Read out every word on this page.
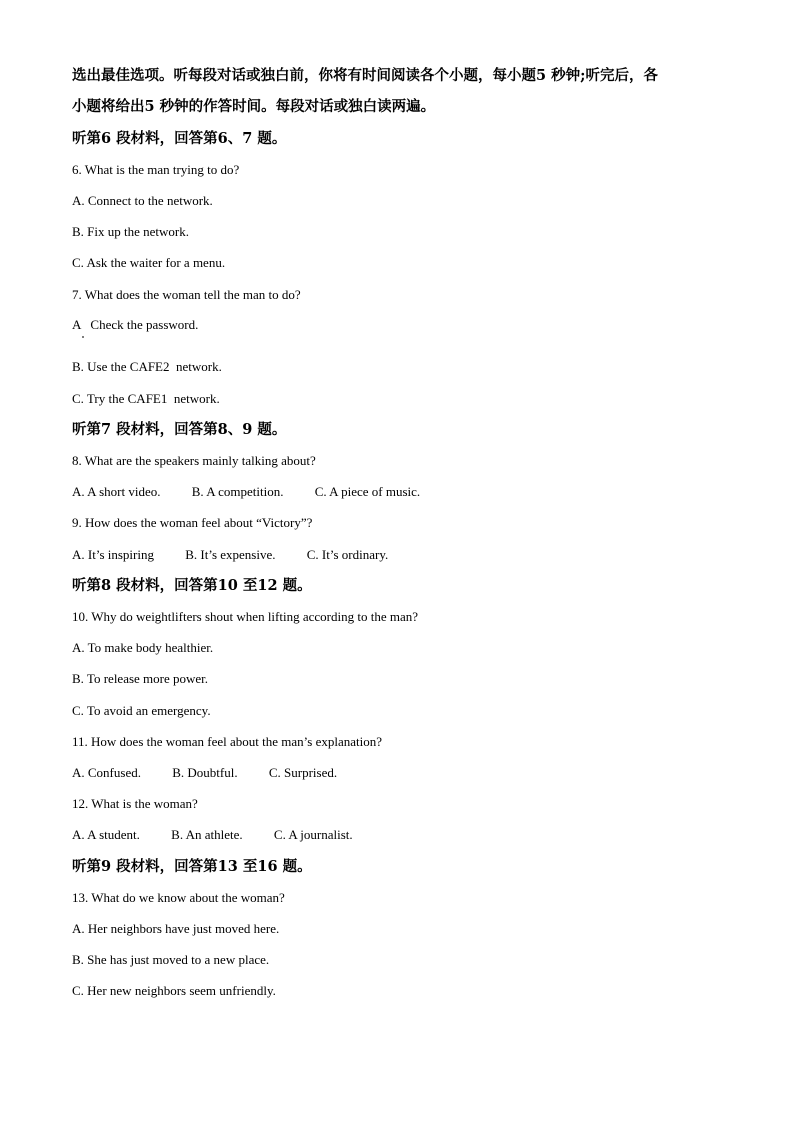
选出最佳选项。听每段对话或独白前，你将有时间阅读各个小题，每小题5 秒钟;听完后，各
小题将给出5 秒钟的作答时间。每段对话或独白读两遍。
听第6 段材料，回答第6、7 题。
6. What is the man trying to do?
A. Connect to the network.
B. Fix up the network.
C. Ask the waiter for a menu.
7. What does the woman tell the man to do?
A   Check the password.
B. Use the CAFE2  network.
C. Try the CAFE1  network.
听第7 段材料，回答第8、9 题。
8. What are the speakers mainly talking about?
A. A short video. B. A competition. C. A piece of music.
9. How does the woman feel about “Victory”?
A. It’s inspiring B. It’s expensive. C. It’s ordinary.
听第8 段材料，回答第10 至12 题。
10. Why do weightlifters shout when lifting according to the man?
A. To make body healthier.
B. To release more power.
C. To avoid an emergency.
11. How does the woman feel about the man’s explanation?
A. Confused. B. Doubtful. C. Surprised.
12. What is the woman?
A. A student. B. An athlete. C. A journalist.
听第9 段材料，回答第13 至16 题。
13. What do we know about the woman?
A. Her neighbors have just moved here.
B. She has just moved to a new place.
C. Her new neighbors seem unfriendly.
